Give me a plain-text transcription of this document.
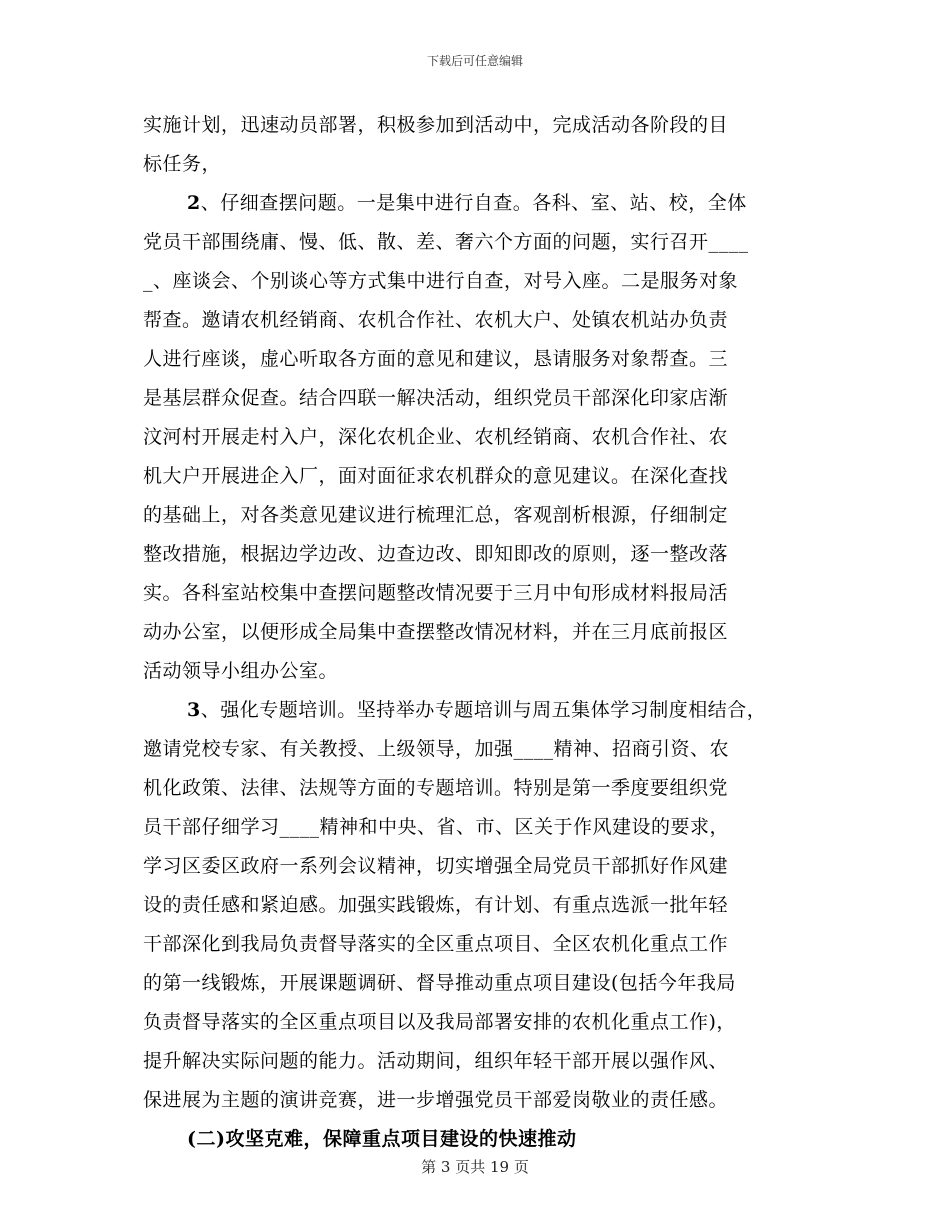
下载后可任意编辑
实施计划，迅速动员部署，积极参加到活动中，完成活动各阶段的目
标任务，
2、仔细查摆问题。一是集中进行自查。各科、室、站、校，全体
党员干部围绕庸、慢、低、散、差、奢六个方面的问题，实行召开____
_、座谈会、个别谈心等方式集中进行自查，对号入座。二是服务对象
帮查。邀请农机经销商、农机合作社、农机大户、处镇农机站办负责
人进行座谈，虚心听取各方面的意见和建议，恳请服务对象帮查。三
是基层群众促查。结合四联一解决活动，组织党员干部深化印家店渐
汶河村开展走村入户，深化农机企业、农机经销商、农机合作社、农
机大户开展进企入厂，面对面征求农机群众的意见建议。在深化查找
的基础上，对各类意见建议进行梳理汇总，客观剖析根源，仔细制定
整改措施，根据边学边改、边查边改、即知即改的原则，逐一整改落
实。各科室站校集中查摆问题整改情况要于三月中旬形成材料报局活
动办公室，以便形成全局集中查摆整改情况材料，并在三月底前报区
活动领导小组办公室。
3、强化专题培训。坚持举办专题培训与周五集体学习制度相结合，
邀请党校专家、有关教授、上级领导，加强____精神、招商引资、农
机化政策、法律、法规等方面的专题培训。特别是第一季度要组织党
员干部仔细学习____精神和中央、省、市、区关于作风建设的要求，
学习区委区政府一系列会议精神，切实增强全局党员干部抓好作风建
设的责任感和紧迫感。加强实践锻炼，有计划、有重点选派一批年轻
干部深化到我局负责督导落实的全区重点项目、全区农机化重点工作
的第一线锻炼，开展课题调研、督导推动重点项目建设(包括今年我局
负责督导落实的全区重点项目以及我局部署安排的农机化重点工作)，
提升解决实际问题的能力。活动期间，组织年轻干部开展以强作风、
保进展为主题的演讲竞赛，进一步增强党员干部爱岗敬业的责任感。
(二)攻坚克难，保障重点项目建设的快速推动
第 3 页共 19 页
